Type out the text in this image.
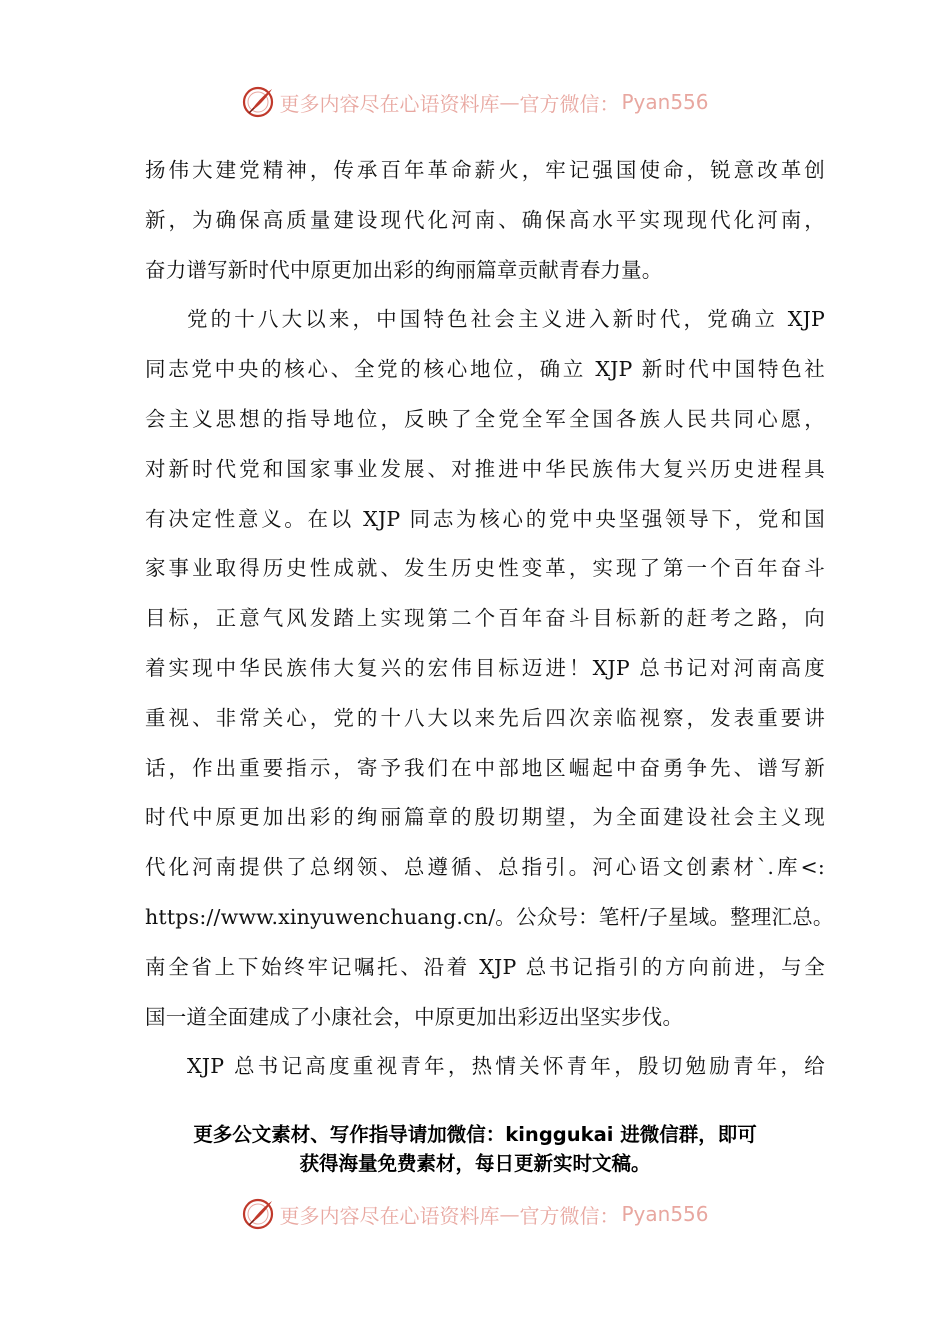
更多内容尽在心语资料库 — 官方微信： Pyan556
扬伟大建党精神，传承百年革命薪火，牢记强国使命，锐意改革创
新，为确保高质量建设现代化河南、确保高水平实现现代化河南，
奋力谱写新时代中原更加出彩的绚丽篇章贡献青春力量。
党的十八大以来，中国特色社会主义进入新时代，党确立 XJP
同志党中央的核心、全党的核心地位，确立 XJP 新时代中国特色社
会主义思想的指导地位，反映了全党全军全国各族人民共同心愿，
对新时代党和国家事业发展、对推进中华民族伟大复兴历史进程具
有决定性意义。在以 XJP 同志为核心的党中央坚强领导下，党和国
家事业取得历史性成就、发生历史性变革，实现了第一个百年奋斗
目标，正意气风发踏上实现第二个百年奋斗目标新的赶考之路，向
着实现中华民族伟大复兴的宏伟目标迈进！XJP 总书记对河南高度
重视、非常关心，党的十八大以来先后四次亲临视察，发表重要讲
话，作出重要指示，寄予我们在中部地区崛起中奋勇争先、谱写新
时代中原更加出彩的绚丽篇章的殷切期望，为全面建设社会主义现
代化河南提供了总纲领、总遵循、总指引。河心语文创素材`.库<:
https://www.xinyuwenchuang.cn/。公众号：笔杆/子星域。整理汇总。
南全省上下始终牢记嘱托、沿着 XJP 总书记指引的方向前进，与全
国一道全面建成了小康社会，中原更加出彩迈出坚实步伐。
XJP 总书记高度重视青年，热情关怀青年，殷切勉励青年，给
更多公文素材、写作指导请加微信：kinggukai 进微信群，即可
获得海量免费素材，每日更新实时文稿。
更多内容尽在心语资料库 — 官方微信： Pyan556
